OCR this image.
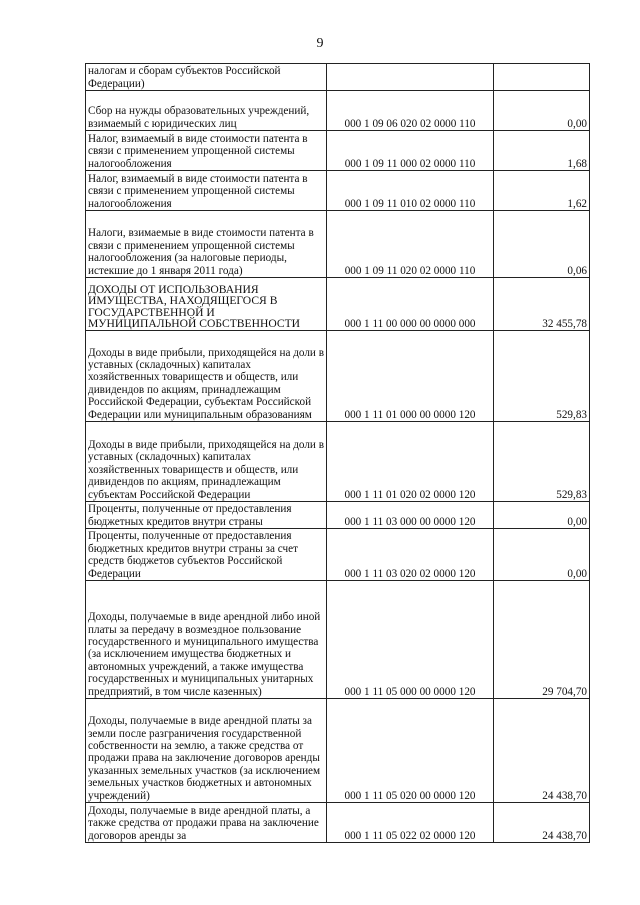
9
налогам и сборам субъектов Российской Федерации)		
Сбор на нужды образовательных учреждений, взимаемый с юридических лиц	000 1 09 06 020 02 0000 110	0,00
Налог, взимаемый в виде стоимости патента в связи с применением упрощенной системы налогообложения	000 1 09 11 000 02 0000 110	1,68
Налог, взимаемый в виде стоимости патента в связи с применением упрощенной системы налогообложения	000 1 09 11 010 02 0000 110	1,62
Налоги, взимаемые в виде стоимости патента в связи с применением упрощенной системы налогообложения (за налоговые периоды, истекшие до 1 января 2011 года)	000 1 09 11 020 02 0000 110	0,06
ДОХОДЫ ОТ ИСПОЛЬЗОВАНИЯ ИМУЩЕСТВА, НАХОДЯЩЕГОСЯ В ГОСУДАРСТВЕННОЙ И МУНИЦИПАЛЬНОЙ СОБСТВЕННОСТИ	000 1 11 00 000 00 0000 000	32 455,78
Доходы в виде прибыли, приходящейся на доли в уставных (складочных) капиталах хозяйственных товариществ и обществ, или дивидендов по акциям, принадлежащим Российской Федерации, субъектам Российской Федерации или муниципальным образованиям	000 1 11 01 000 00 0000 120	529,83
Доходы в виде прибыли, приходящейся на доли в уставных (складочных) капиталах хозяйственных товариществ и обществ, или дивидендов по акциям, принадлежащим субъектам Российской Федерации	000 1 11 01 020 02 0000 120	529,83
Проценты, полученные от предоставления бюджетных кредитов внутри страны	000 1 11 03 000 00 0000 120	0,00
Проценты, полученные от предоставления бюджетных кредитов внутри страны за счет средств бюджетов субъектов Российской Федерации	000 1 11 03 020 02 0000 120	0,00
Доходы, получаемые в виде арендной либо иной платы за передачу в возмездное пользование государственного и муниципального имущества (за исключением имущества бюджетных и автономных учреждений, а также имущества государственных и муниципальных унитарных предприятий, в том числе казенных)	000 1 11 05 000 00 0000 120	29 704,70
Доходы, получаемые в виде арендной платы за земли после разграничения государственной собственности на землю, а также средства от продажи права на заключение договоров аренды указанных земельных участков (за исключением земельных участков бюджетных и автономных учреждений)	000 1 11 05 020 00 0000 120	24 438,70
Доходы, получаемые в виде арендной платы, а также средства от продажи права на заключение договоров аренды за	000 1 11 05 022 02 0000 120	24 438,70
